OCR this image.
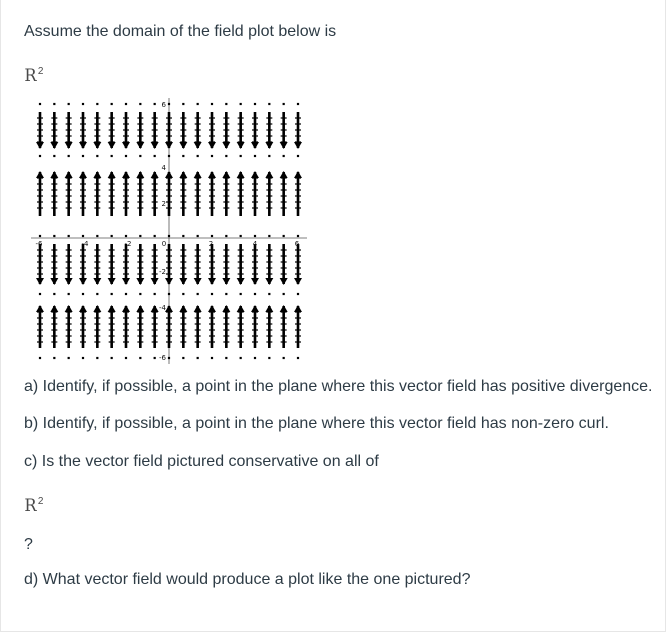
Assume the domain of the field plot below is
$R^2$
-6	-4	-2	0	2	4	6
6
4
2
-2
-4
-6
a) Identify, if possible, a point in the plane where this vector field has positive divergence.
b) Identify, if possible, a point in the plane where this vector field has non-zero curl.
c) Is the vector field pictured conservative on all of
$R^2$
?
d) What vector field would produce a plot like the one pictured?
